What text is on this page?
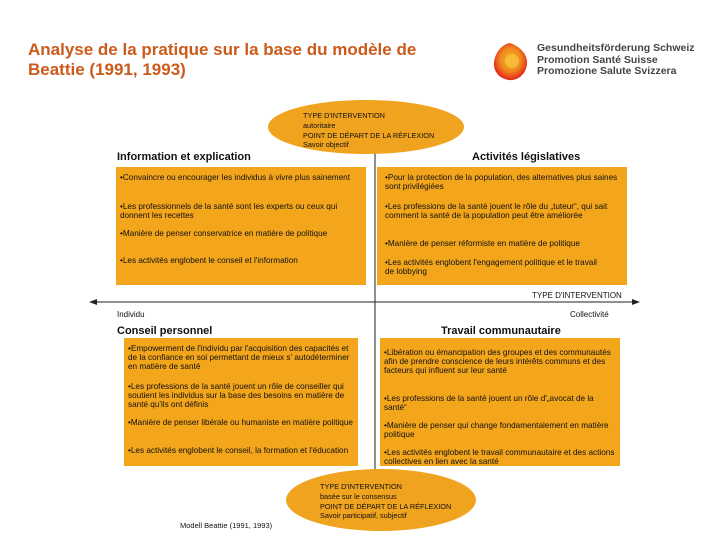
Analyse de la pratique sur la base du modèle de
Beattie (1991, 1993)
Gesundheitsförderung Schweiz
Promotion Santé Suisse
Promozione Salute Svizzera
TYPE D'INTERVENTION
autoritaire
POINT DE DÉPART DE LA RÉFLEXION
Savoir objectif
Information et explication	Activités législatives

•Convaincre ou encourager les individus à vivre plus sainement

•Les professionnels de la santé sont les experts ou ceux qui donnent les recettes

•Manière de penser conservatrice en matière de politique

•Les activités englobent le conseil et l'information

•Pour la protection de la population, des alternatives plus saines sont privilégiées

•Les professions de la santé jouent le rôle du „tuteur“, qui sait comment la santé de la population peut être améliorée

•Manière de penser réformiste en matière de politique

•Les activités englobent l'engagement politique et le travail de lobbying

TYPE D'INTERVENTION
Individu	Collectivité
Conseil personnel	Travail communautaire

•Empowerment de l'individu par l'acquisition des capacités et de la confiance en soi permettant de mieux s' autodéterminer en matière de santé

•Les professions de la santé jouent un rôle de conseiller qui soutient les individus sur la base des besoins en matière de santé qu'ils ont définis

•Manière de penser libérale ou humaniste en matière politique

•Les activités englobent le conseil, la formation et l'éducation

•Libération ou émancipation des groupes et des communautés afin de prendre conscience de leurs intérêts communs et des facteurs qui influent sur leur santé

•Les professions de la santé jouent un rôle d'„avocat de la santé“

•Manière de penser qui change fondamentalement en matière politique

•Les activités englobent le travail communautaire et des actions collectives en lien avec la santé

TYPE D'INTERVENTION
basée sur le consensus
POINT DE DÉPART DE LA RÉFLEXION
Savoir participatif, subjectif
Modell Beattie (1991, 1993)
